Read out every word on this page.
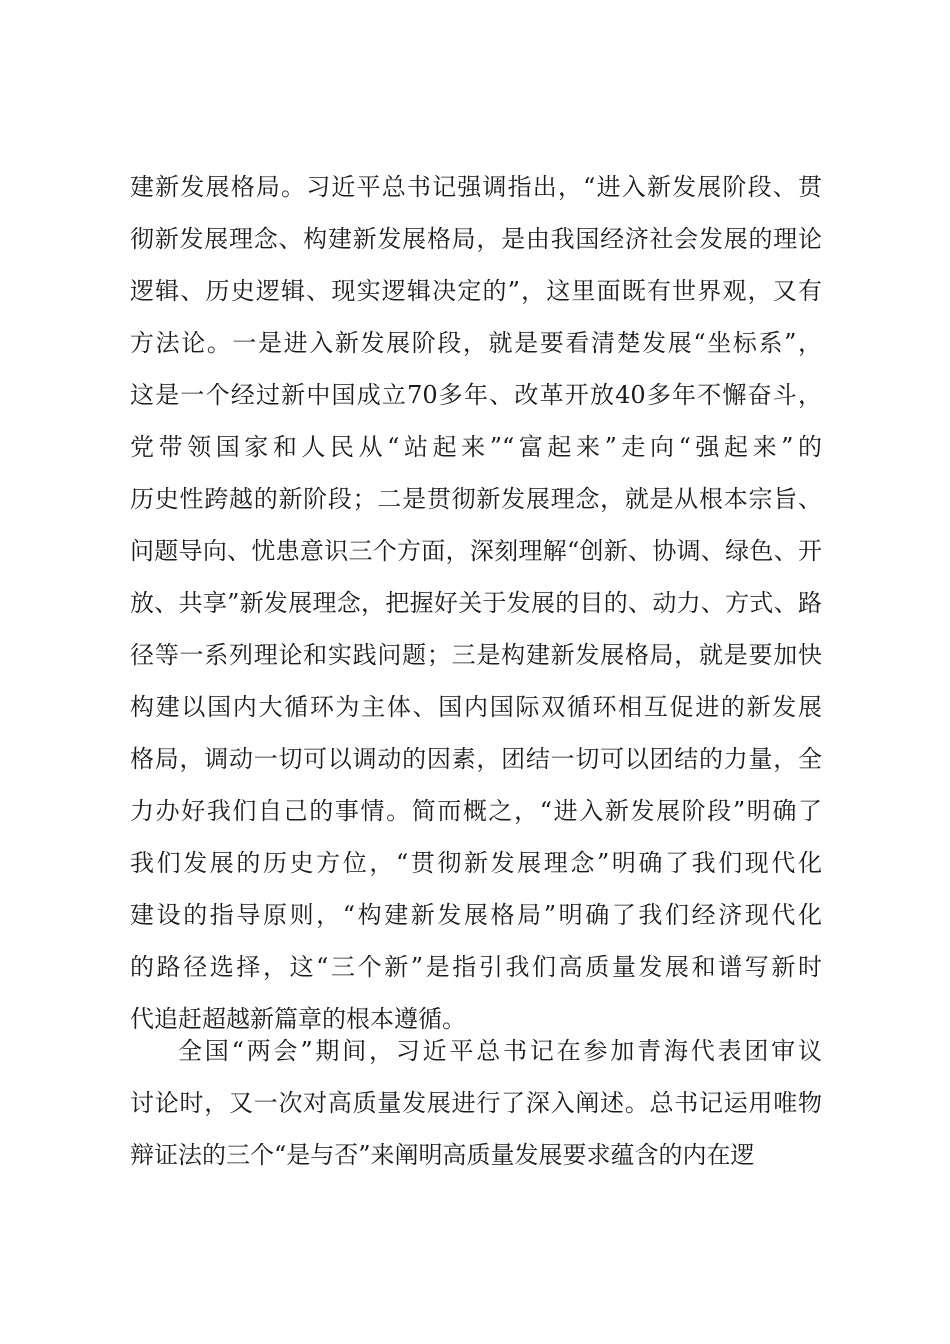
建新发展格局。习近平总书记强调指出，“进入新发展阶段、贯
彻新发展理念、构建新发展格局，是由我国经济社会发展的理论
逻辑、历史逻辑、现实逻辑决定的”，这里面既有世界观，又有
方法论。一是进入新发展阶段，就是要看清楚发展“坐标系”，
这是一个经过新中国成立70多年、改革开放40多年不懈奋斗，
党带领国家和人民从“站起来”“富起来”走向“强起来”的
历史性跨越的新阶段；二是贯彻新发展理念，就是从根本宗旨、
问题导向、忧患意识三个方面，深刻理解“创新、协调、绿色、开
放、共享”新发展理念，把握好关于发展的目的、动力、方式、路
径等一系列理论和实践问题；三是构建新发展格局，就是要加快
构建以国内大循环为主体、国内国际双循环相互促进的新发展
格局，调动一切可以调动的因素，团结一切可以团结的力量，全
力办好我们自己的事情。简而概之，“进入新发展阶段”明确了
我们发展的历史方位，“贯彻新发展理念”明确了我们现代化
建设的指导原则，“构建新发展格局”明确了我们经济现代化
的路径选择，这“三个新”是指引我们高质量发展和谱写新时
代追赶超越新篇章的根本遵循。
全国“两会”期间，习近平总书记在参加青海代表团审议
讨论时，又一次对高质量发展进行了深入阐述。总书记运用唯物
辩证法的三个“是与否”来阐明高质量发展要求蕴含的内在逻
